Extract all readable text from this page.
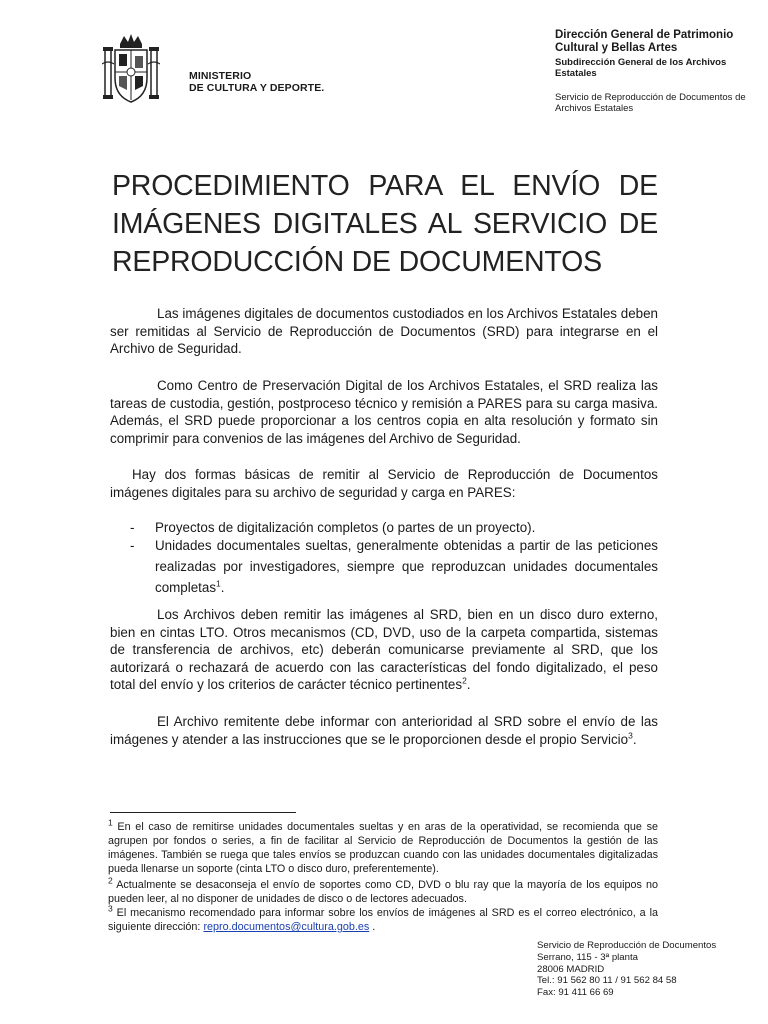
MINISTERIO
DE CULTURA Y DEPORTE.
Dirección General de Patrimonio Cultural y Bellas Artes
Subdirección General de los Archivos Estatales
Servicio de Reproducción de Documentos de Archivos Estatales
PROCEDIMIENTO PARA EL ENVÍO DE IMÁGENES DIGITALES AL SERVICIO DE REPRODUCCIÓN DE DOCUMENTOS
Las imágenes digitales de documentos custodiados en los Archivos Estatales deben ser remitidas al Servicio de Reproducción de Documentos (SRD) para integrarse en el Archivo de Seguridad.
Como Centro de Preservación Digital de los Archivos Estatales, el SRD realiza las tareas de custodia, gestión, postproceso técnico y remisión a PARES para su carga masiva. Además, el SRD puede proporcionar a los centros copia en alta resolución y formato sin comprimir para convenios de las imágenes del Archivo de Seguridad.
Hay dos formas básicas de remitir al Servicio de Reproducción de Documentos imágenes digitales para su archivo de seguridad y carga en PARES:
- Proyectos de digitalización completos (o partes de un proyecto).
- Unidades documentales sueltas, generalmente obtenidas a partir de las peticiones realizadas por investigadores, siempre que reproduzcan unidades documentales completas$^1$.
Los Archivos deben remitir las imágenes al SRD, bien en un disco duro externo, bien en cintas LTO. Otros mecanismos (CD, DVD, uso de la carpeta compartida, sistemas de transferencia de archivos, etc) deberán comunicarse previamente al SRD, que los autorizará o rechazará de acuerdo con las características del fondo digitalizado, el peso total del envío y los criterios de carácter técnico pertinentes$^2$.
El Archivo remitente debe informar con anterioridad al SRD sobre el envío de las imágenes y atender a las instrucciones que se le proporcionen desde el propio Servicio$^3$.
$^1$ En el caso de remitirse unidades documentales sueltas y en aras de la operatividad, se recomienda que se agrupen por fondos o series, a fin de facilitar al Servicio de Reproducción de Documentos la gestión de las imágenes. También se ruega que tales envíos se produzcan cuando con las unidades documentales digitalizadas pueda llenarse un soporte (cinta LTO o disco duro, preferentemente).
$^2$ Actualmente se desaconseja el envío de soportes como CD, DVD o blu ray que la mayoría de los equipos no pueden leer, al no disponer de unidades de disco o de lectores adecuados.
$^3$ El mecanismo recomendado para informar sobre los envíos de imágenes al SRD es el correo electrónico, a la siguiente dirección: repro.documentos@cultura.gob.es .
Servicio de Reproducción de Documentos
Serrano, 115 - 3ª planta
28006 MADRID
Tel.: 91 562 80 11 / 91 562 84 58
Fax: 91 411 66 69
